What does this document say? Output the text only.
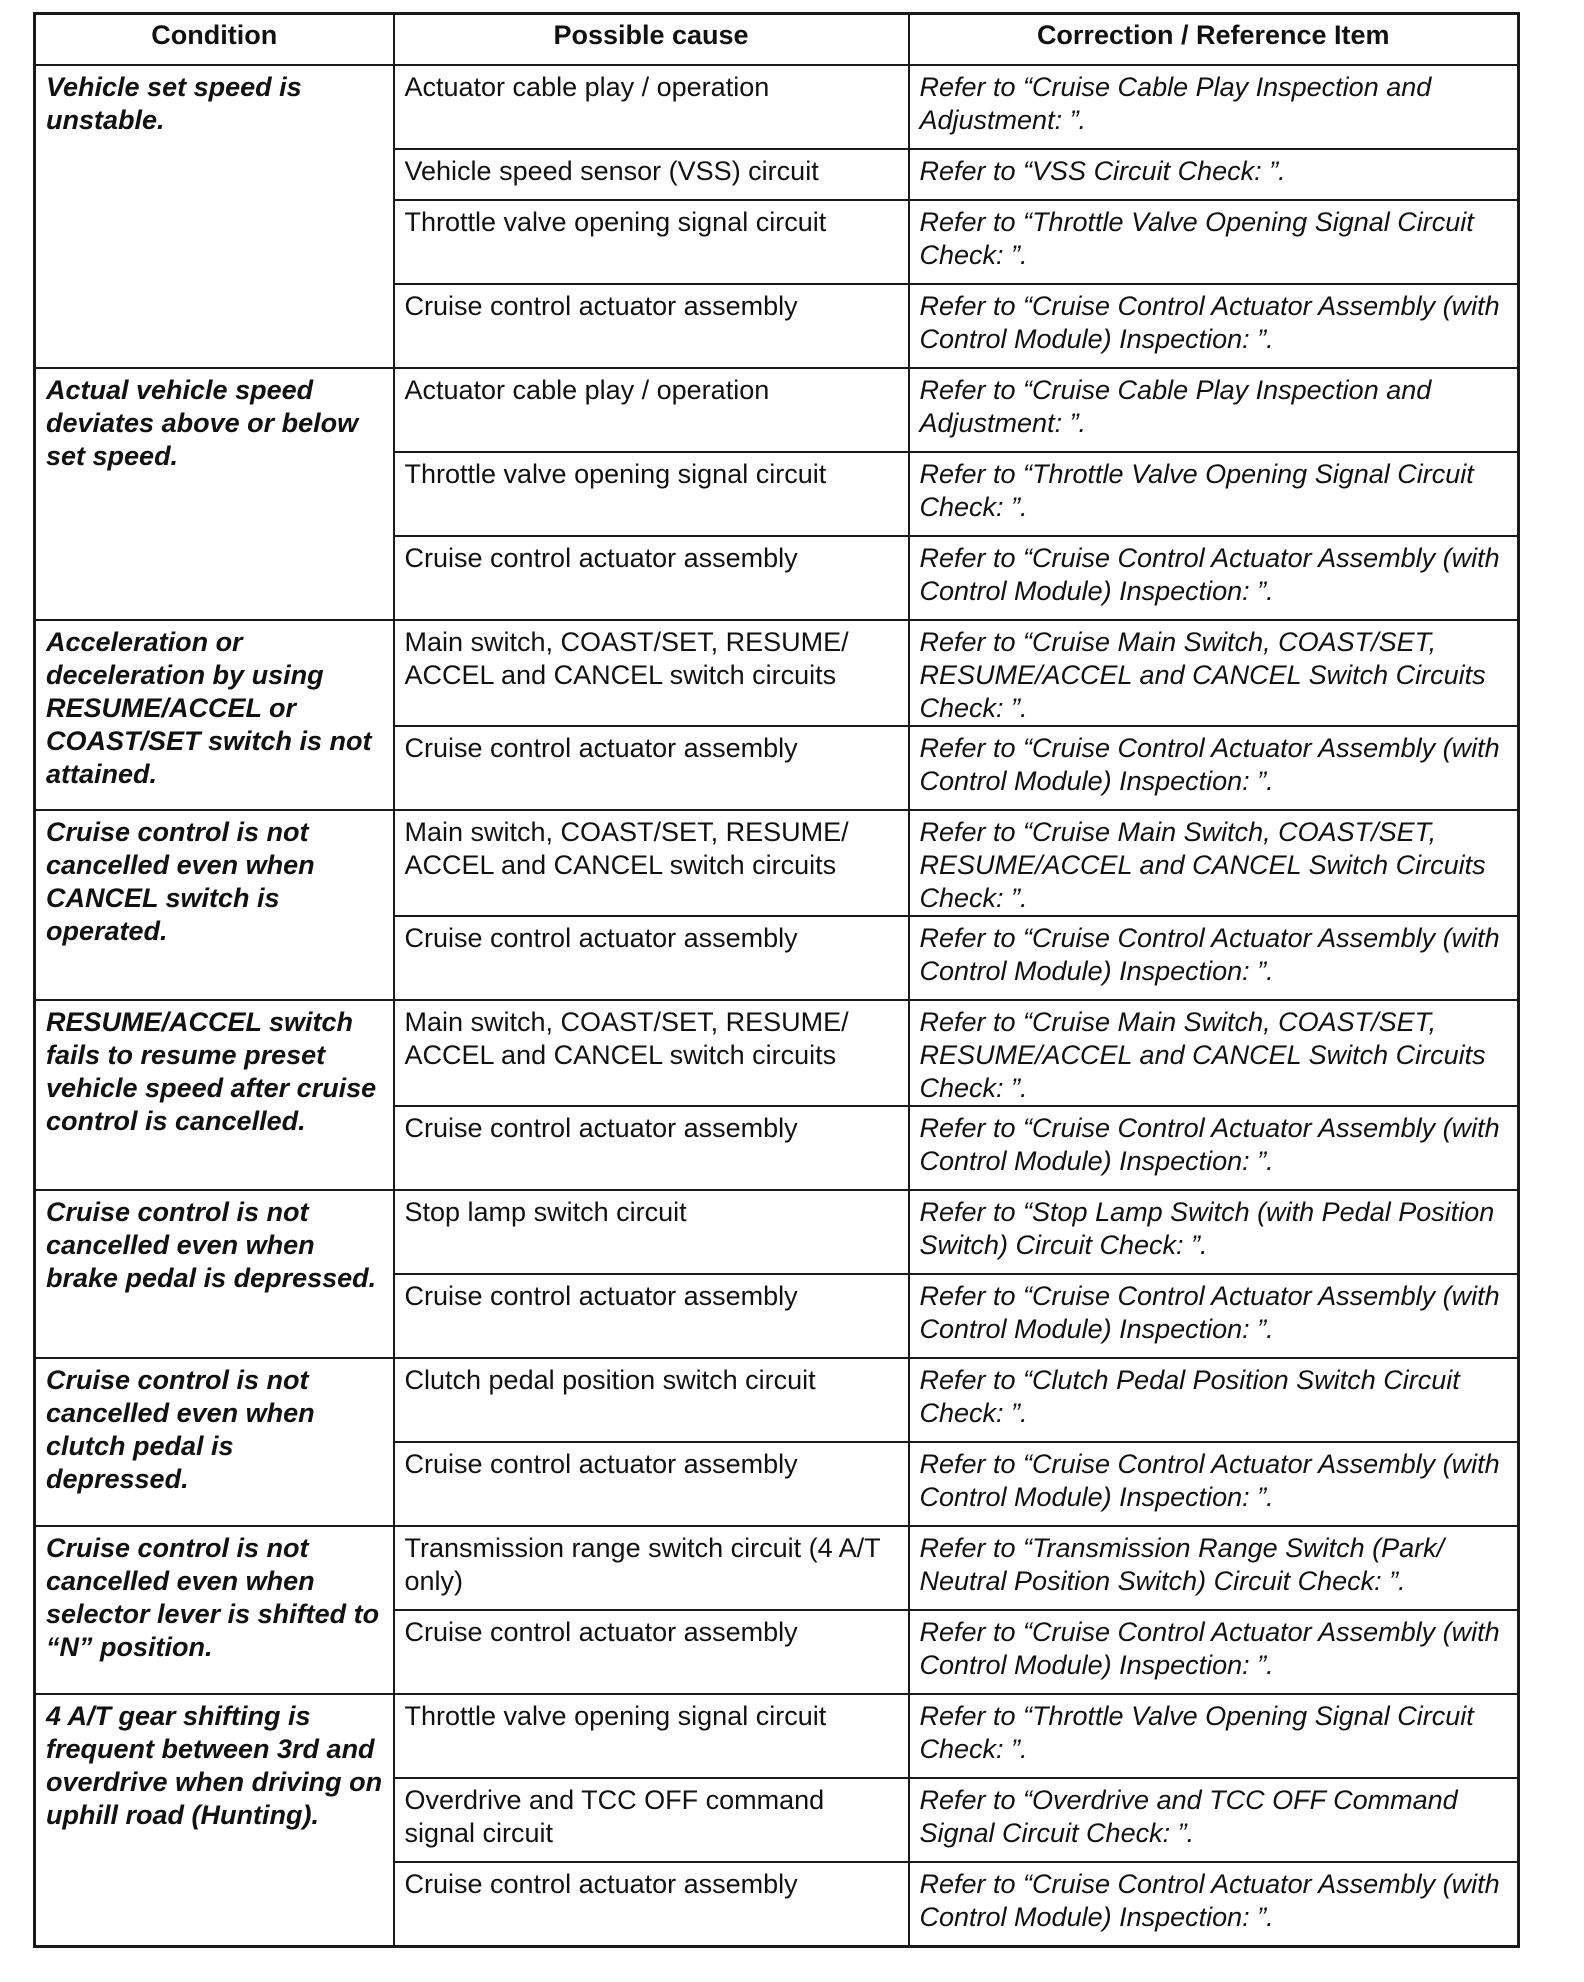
Condition	Possible cause	Correction / Reference Item
Vehicle set speed is unstable.	Actuator cable play / operation	Refer to “Cruise Cable Play Inspection and Adjustment: ”.
	Vehicle speed sensor (VSS) circuit	Refer to “VSS Circuit Check: ”.
	Throttle valve opening signal circuit	Refer to “Throttle Valve Opening Signal Circuit Check: ”.
	Cruise control actuator assembly	Refer to “Cruise Control Actuator Assembly (with Control Module) Inspection: ”.
Actual vehicle speed deviates above or below set speed.	Actuator cable play / operation	Refer to “Cruise Cable Play Inspection and Adjustment: ”.
	Throttle valve opening signal circuit	Refer to “Throttle Valve Opening Signal Circuit Check: ”.
	Cruise control actuator assembly	Refer to “Cruise Control Actuator Assembly (with Control Module) Inspection: ”.
Acceleration or deceleration by using RESUME/ACCEL or COAST/SET switch is not attained.	Main switch, COAST/SET, RESUME/ ACCEL and CANCEL switch circuits	Refer to “Cruise Main Switch, COAST/SET, RESUME/ACCEL and CANCEL Switch Circuits Check: ”.
	Cruise control actuator assembly	Refer to “Cruise Control Actuator Assembly (with Control Module) Inspection: ”.
Cruise control is not cancelled even when CANCEL switch is operated.	Main switch, COAST/SET, RESUME/ ACCEL and CANCEL switch circuits	Refer to “Cruise Main Switch, COAST/SET, RESUME/ACCEL and CANCEL Switch Circuits Check: ”.
	Cruise control actuator assembly	Refer to “Cruise Control Actuator Assembly (with Control Module) Inspection: ”.
RESUME/ACCEL switch fails to resume preset vehicle speed after cruise control is cancelled.	Main switch, COAST/SET, RESUME/ ACCEL and CANCEL switch circuits	Refer to “Cruise Main Switch, COAST/SET, RESUME/ACCEL and CANCEL Switch Circuits Check: ”.
	Cruise control actuator assembly	Refer to “Cruise Control Actuator Assembly (with Control Module) Inspection: ”.
Cruise control is not cancelled even when brake pedal is depressed.	Stop lamp switch circuit	Refer to “Stop Lamp Switch (with Pedal Position Switch) Circuit Check: ”.
	Cruise control actuator assembly	Refer to “Cruise Control Actuator Assembly (with Control Module) Inspection: ”.
Cruise control is not cancelled even when clutch pedal is depressed.	Clutch pedal position switch circuit	Refer to “Clutch Pedal Position Switch Circuit Check: ”.
	Cruise control actuator assembly	Refer to “Cruise Control Actuator Assembly (with Control Module) Inspection: ”.
Cruise control is not cancelled even when selector lever is shifted to “N” position.	Transmission range switch circuit (4 A/T only)	Refer to “Transmission Range Switch (Park/ Neutral Position Switch) Circuit Check: ”.
	Cruise control actuator assembly	Refer to “Cruise Control Actuator Assembly (with Control Module) Inspection: ”.
4 A/T gear shifting is frequent between 3rd and overdrive when driving on uphill road (Hunting).	Throttle valve opening signal circuit	Refer to “Throttle Valve Opening Signal Circuit Check: ”.
	Overdrive and TCC OFF command signal circuit	Refer to “Overdrive and TCC OFF Command Signal Circuit Check: ”.
	Cruise control actuator assembly	Refer to “Cruise Control Actuator Assembly (with Control Module) Inspection: ”.
